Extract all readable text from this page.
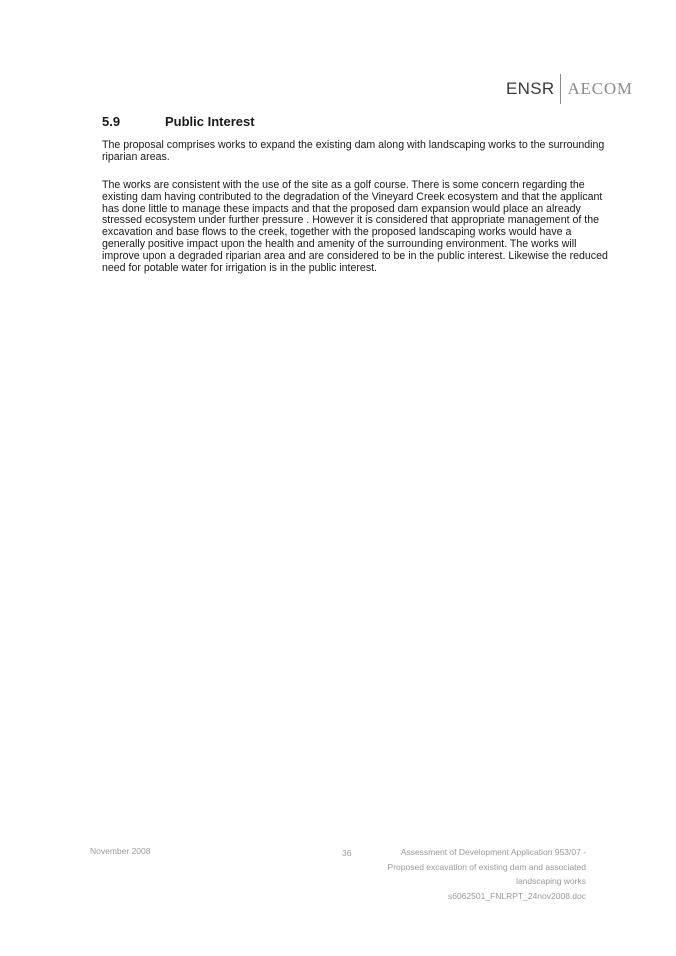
ENSR AECOM
5.9	Public Interest

The proposal comprises works to expand the existing dam along with landscaping works to the surrounding riparian areas.

The works are consistent with the use of the site as a golf course. There is some concern regarding the existing dam having contributed to the degradation of the Vineyard Creek ecosystem and that the applicant has done little to manage these impacts and that the proposed dam expansion would place an already stressed ecosystem under further pressure . However it is considered that appropriate management of the excavation and base flows to the creek, together with the proposed landscaping works would have a generally positive impact upon the health and amenity of the surrounding environment. The works will improve upon a degraded riparian area and are considered to be in the public interest. Likewise the reduced need for potable water for irrigation is in the public interest.

November 2008	36	Assessment of Development Application 953/07 -
Proposed excavation of existing dam and associated
landscaping works
s6062501_FNLRPT_24nov2008.doc
